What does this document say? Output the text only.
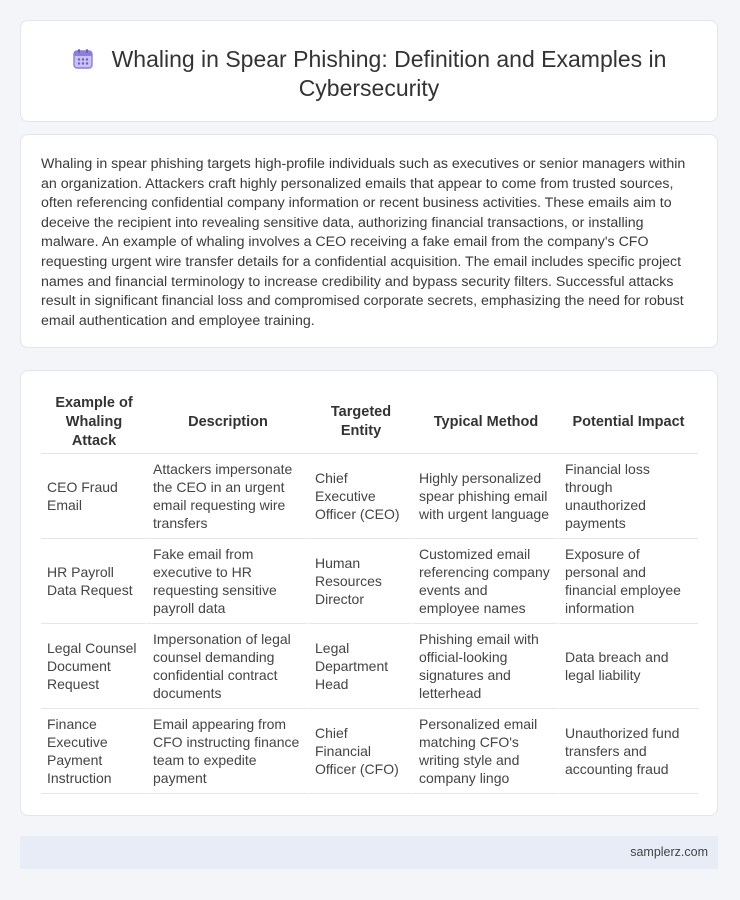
Whaling in Spear Phishing: Definition and Examples in Cybersecurity
Whaling in spear phishing targets high-profile individuals such as executives or senior managers within an organization. Attackers craft highly personalized emails that appear to come from trusted sources, often referencing confidential company information or recent business activities. These emails aim to deceive the recipient into revealing sensitive data, authorizing financial transactions, or installing malware. An example of whaling involves a CEO receiving a fake email from the company's CFO requesting urgent wire transfer details for a confidential acquisition. The email includes specific project names and financial terminology to increase credibility and bypass security filters. Successful attacks result in significant financial loss and compromised corporate secrets, emphasizing the need for robust email authentication and employee training.
Example of Whaling Attack	Description	Targeted Entity	Typical Method	Potential Impact
CEO Fraud Email	Attackers impersonate the CEO in an urgent email requesting wire transfers	Chief Executive Officer (CEO)	Highly personalized spear phishing email with urgent language	Financial loss through unauthorized payments
HR Payroll Data Request	Fake email from executive to HR requesting sensitive payroll data	Human Resources Director	Customized email referencing company events and employee names	Exposure of personal and financial employee information
Legal Counsel Document Request	Impersonation of legal counsel demanding confidential contract documents	Legal Department Head	Phishing email with official-looking signatures and letterhead	Data breach and legal liability
Finance Executive Payment Instruction	Email appearing from CFO instructing finance team to expedite payment	Chief Financial Officer (CFO)	Personalized email matching CFO's writing style and company lingo	Unauthorized fund transfers and accounting fraud
samplerz.com
